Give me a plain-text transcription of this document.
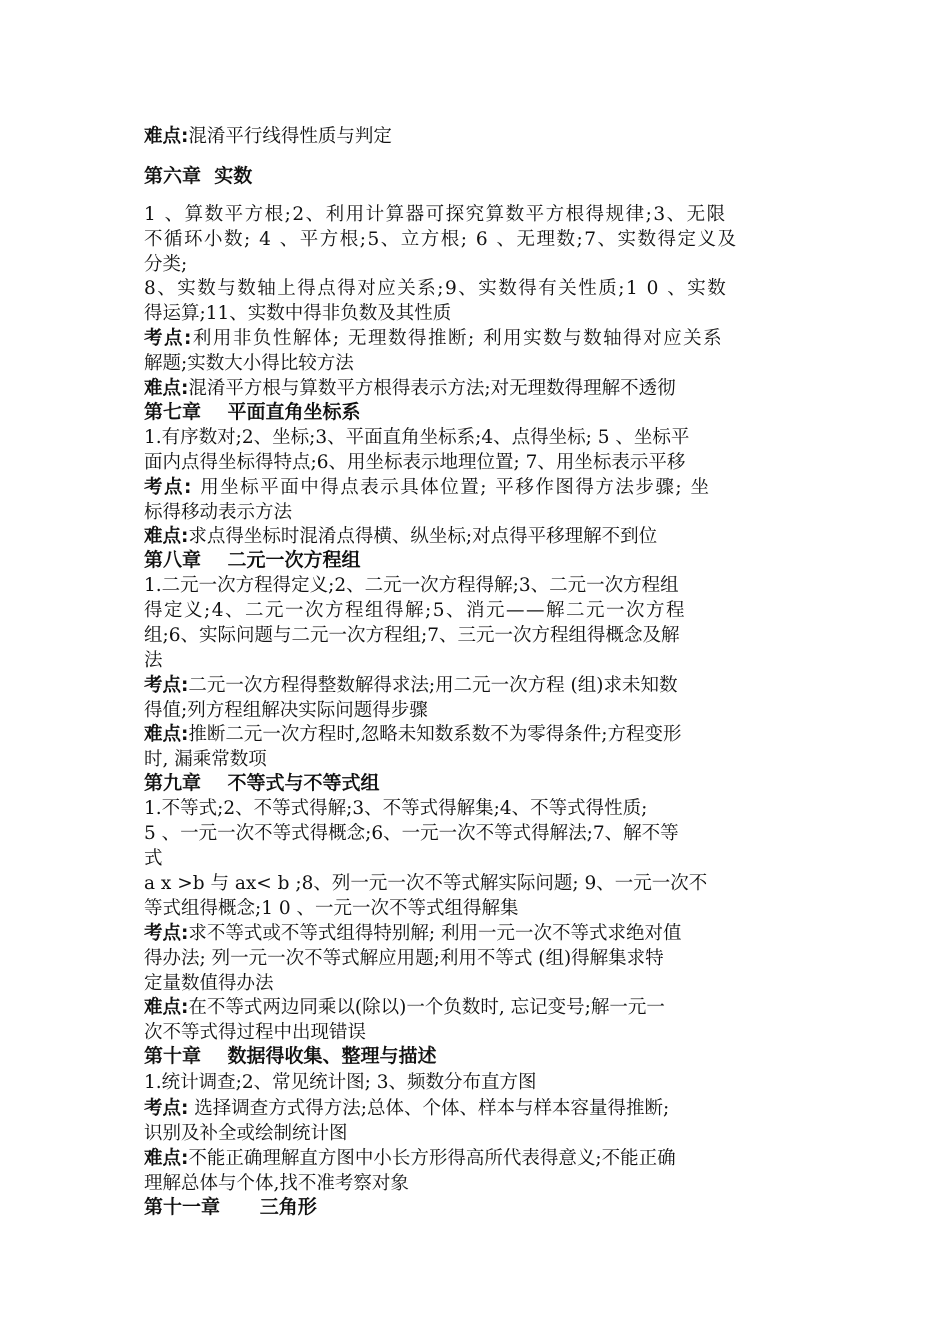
难点:混淆平行线得性质与判定
第六章  实数
1 、算数平方根;2、利用计算器可探究算数平方根得规律;3、无限
不循环小数; 4 、平方根;5、立方根; 6 、无理数;7、实数得定义及
分类;
8、实数与数轴上得点得对应关系;9、实数得有关性质;1 0 、实数
得运算;11、实数中得非负数及其性质
考点:利用非负性解体; 无理数得推断; 利用实数与数轴得对应关系
解题;实数大小得比较方法
难点:混淆平方根与算数平方根得表示方法;对无理数得理解不透彻
第七章    平面直角坐标系
1.有序数对;2、坐标;3、平面直角坐标系;4、点得坐标; 5 、坐标平
面内点得坐标得特点;6、用坐标表示地理位置; 7、用坐标表示平移
考点: 用坐标平面中得点表示具体位置; 平移作图得方法步骤; 坐
标得移动表示方法
难点:求点得坐标时混淆点得横、纵坐标;对点得平移理解不到位
第八章    二元一次方程组
1.二元一次方程得定义;2、二元一次方程得解;3、二元一次方程组
得定义;4、二元一次方程组得解;5、消元——解二元一次方程
组;6、实际问题与二元一次方程组;7、三元一次方程组得概念及解
法
考点:二元一次方程得整数解得求法;用二元一次方程 (组)求未知数
得值;列方程组解决实际问题得步骤
难点:推断二元一次方程时,忽略未知数系数不为零得条件;方程变形
时, 漏乘常数项
第九章    不等式与不等式组
1.不等式;2、不等式得解;3、不等式得解集;4、不等式得性质;
5 、一元一次不等式得概念;6、一元一次不等式得解法;7、解不等
式
a x >b 与 ax< b ;8、列一元一次不等式解实际问题; 9、一元一次不
等式组得概念;1 0 、一元一次不等式组得解集
考点:求不等式或不等式组得特别解; 利用一元一次不等式求绝对值
得办法; 列一元一次不等式解应用题;利用不等式 (组)得解集求特
定量数值得办法
难点:在不等式两边同乘以(除以)一个负数时, 忘记变号;解一元一
次不等式得过程中出现错误
第十章    数据得收集、整理与描述
1.统计调查;2、常见统计图; 3、频数分布直方图
考点: 选择调查方式得方法;总体、个体、样本与样本容量得推断;
识别及补全或绘制统计图
难点:不能正确理解直方图中小长方形得高所代表得意义;不能正确
理解总体与个体,找不准考察对象
第十一章      三角形
